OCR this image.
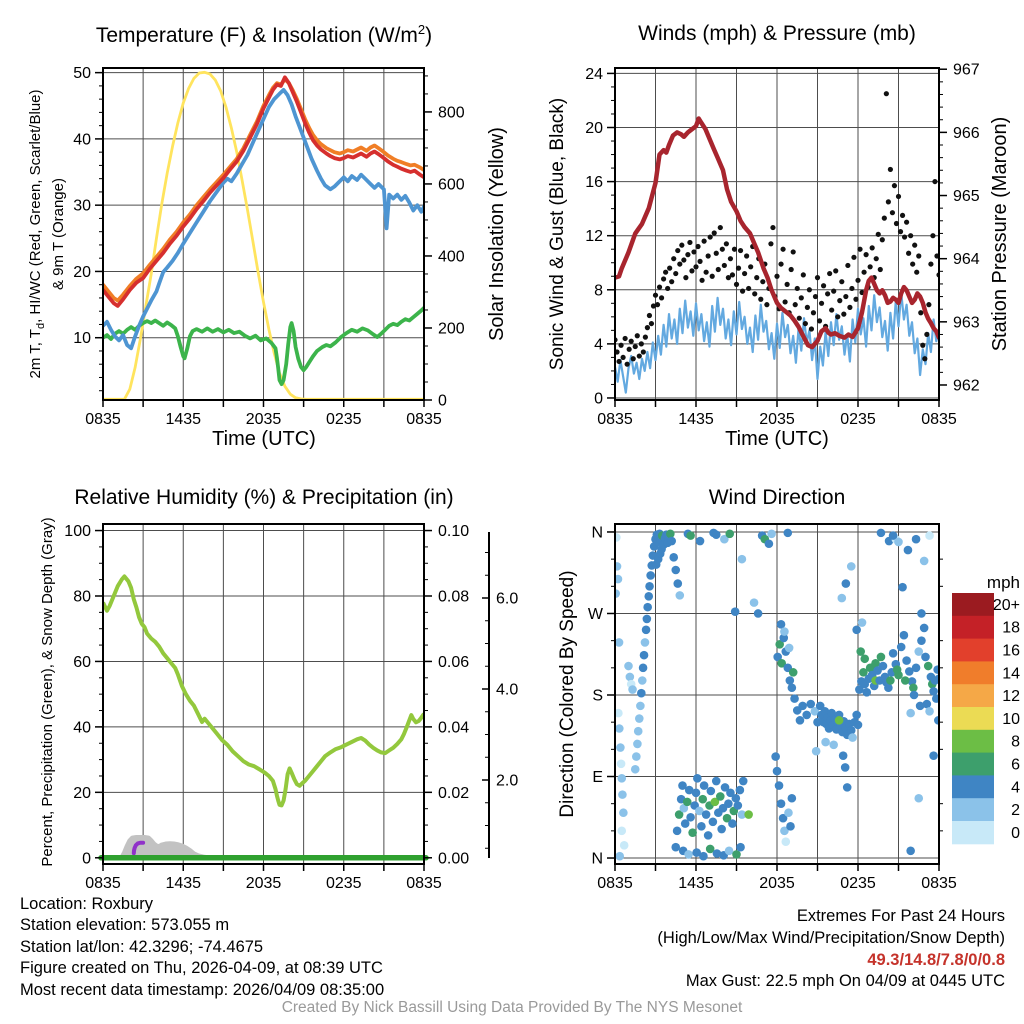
0835	1435	2035	0235	0835
10
20
30
40
50
0
200
400
600
800
0835	1435	2035	0235	0835
0
4
8
12
16
20
24
962
963
964
965
966
967
0835	1435	2035	0235	0835
0
20
40
60
80
100
0.00
0.02
0.04
0.06
0.08
0.10
2.0
4.0
6.0
0835	1435	2035	0235	0835
N
W
S
E
N
mph
20+
18
16
14
12
10
8
6
4
2
0
Temperature (F) & Insolation $(W/m^2)$	Winds (mph) & Pressure (mb)
Relative Humidity (%) & Precipitation (in)	Wind Direction
Time (UTC)	Time (UTC)
2m T, $T_d$, HI/WC (Red, Green, Scarlet/Blue) & 9m T (Orange)	Solar Insolation (Yellow) Sonic Wind & Gust (Blue, Black)	Station Pressure (Maroon)
Percent, Precipitation (Green), & Snow Depth (Gray)	Direction (Colored By Speed)
Location: Roxbury
Station elevation: 573.055 m
Station lat/lon: 42.3296; -74.4675
Figure created on Thu, 2026-04-09, at 08:39 UTC
Most recent data timestamp: 2026/04/09 08:35:00
Extremes For Past 24 Hours
(High/Low/Max Wind/Precipitation/Snow Depth)
49.3/14.8/7.8/0/0.8
Max Gust: 22.5 mph On 04/09 at 0445 UTC
Created By Nick Bassill Using Data Provided By The NYS Mesonet
